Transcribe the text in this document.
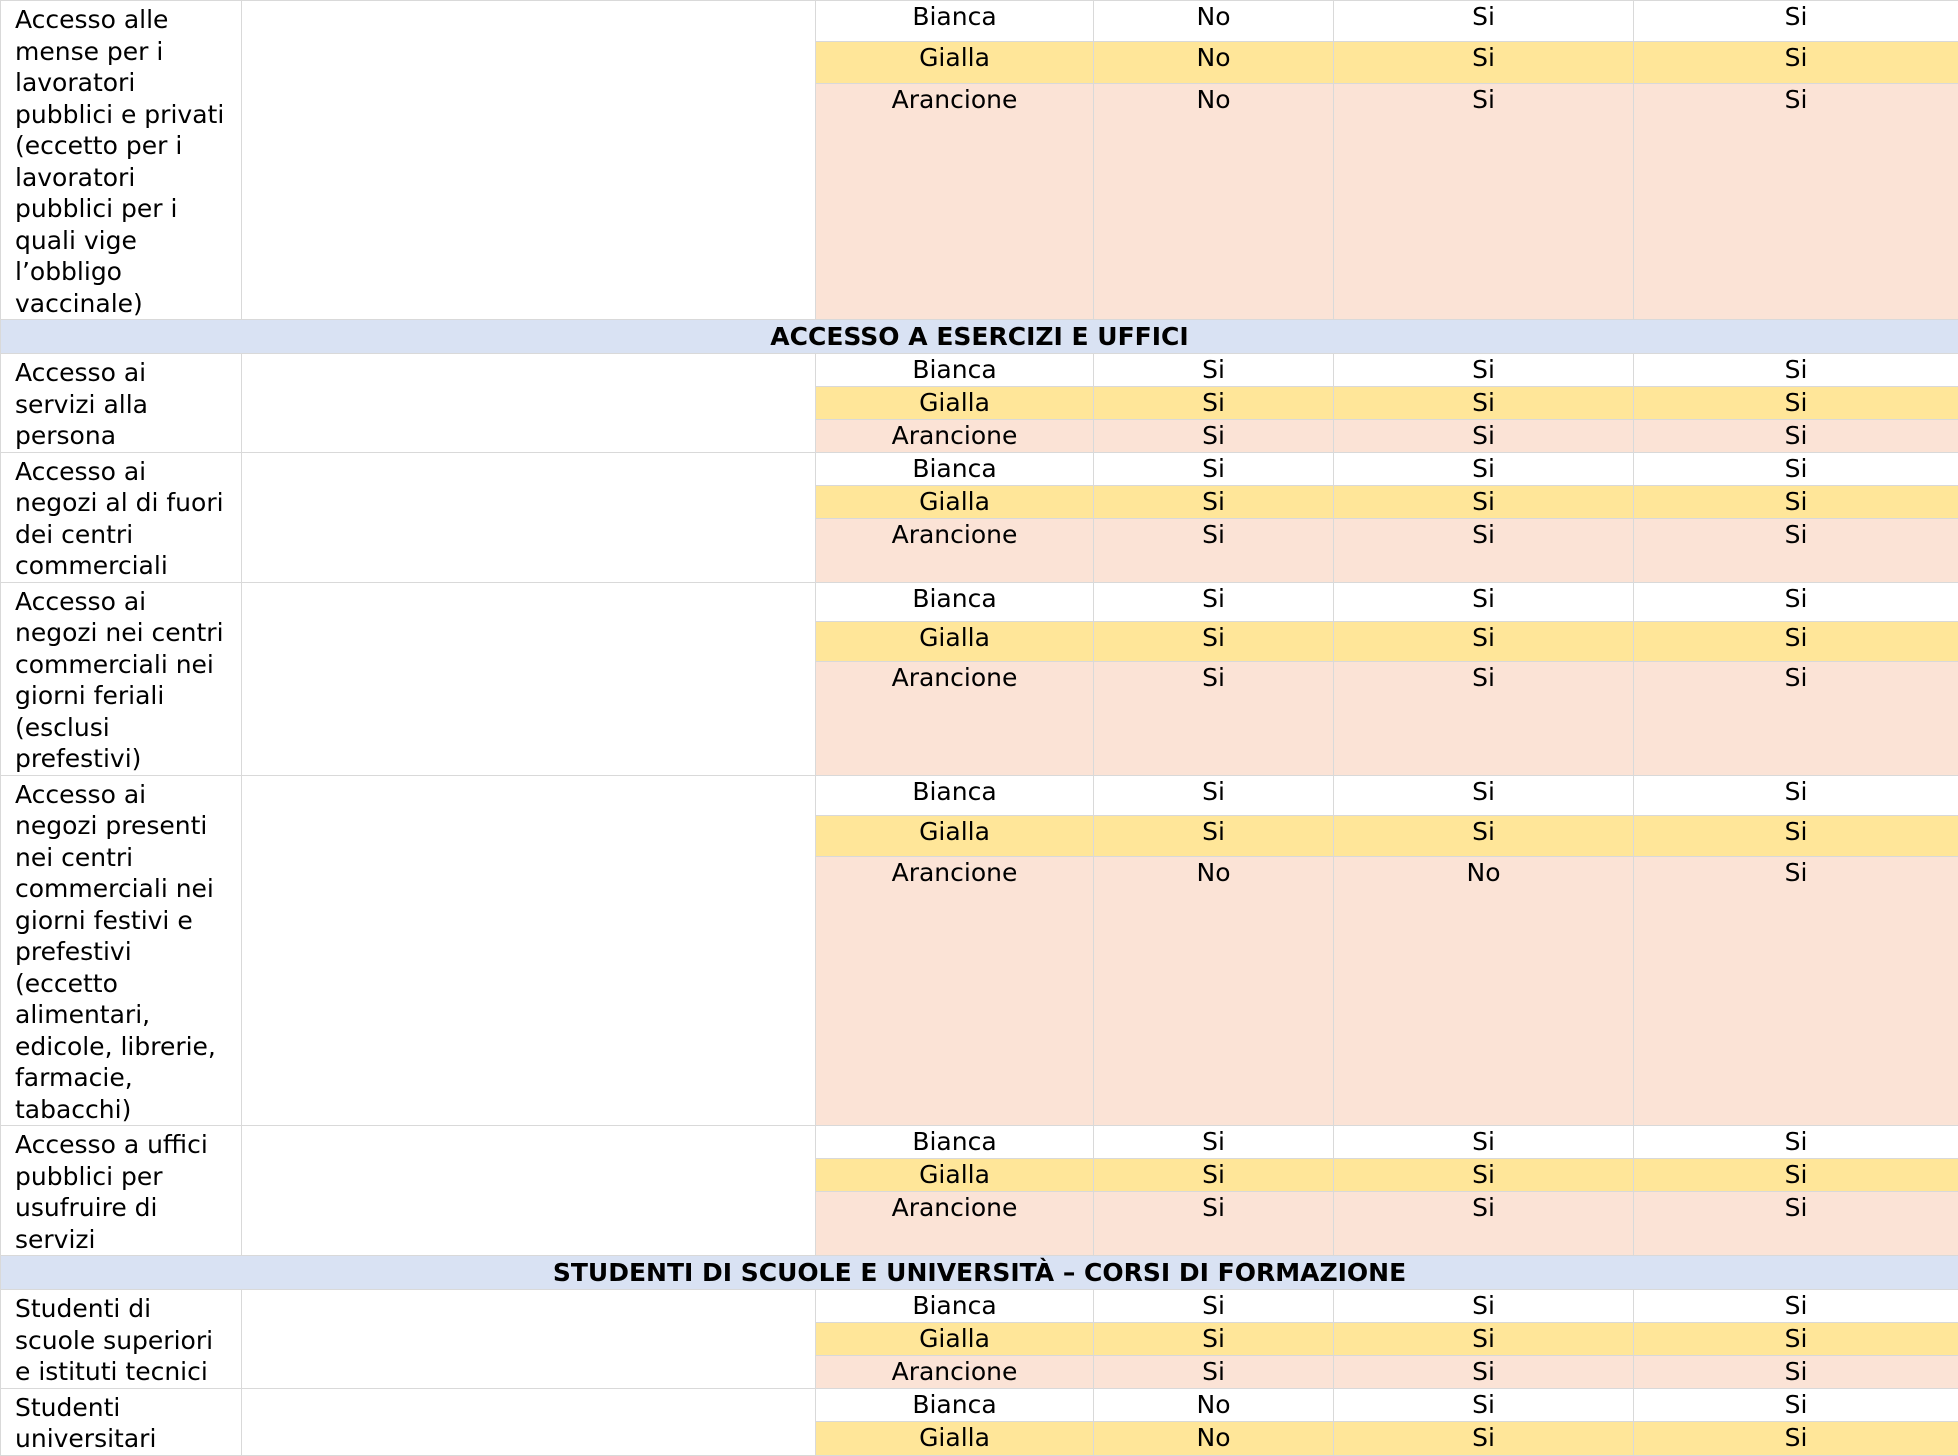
Accesso alle mense per i lavoratori pubblici e privati (eccetto per i lavoratori pubblici per i quali vige l’obbligo vaccinale)		Bianca	No	Si	Si
		Gialla	No	Si	Si
		Arancione	No	Si	Si
ACCESSO A ESERCIZI E UFFICI					
Accesso ai servizi alla persona		Bianca	Si	Si	Si
		Gialla	Si	Si	Si
		Arancione	Si	Si	Si
Accesso ai negozi al di fuori dei centri commerciali		Bianca	Si	Si	Si
		Gialla	Si	Si	Si
		Arancione	Si	Si	Si
Accesso ai negozi nei centri commerciali nei giorni feriali (esclusi prefestivi)		Bianca	Si	Si	Si
		Gialla	Si	Si	Si
		Arancione	Si	Si	Si
Accesso ai negozi presenti nei centri commerciali nei giorni festivi e prefestivi (eccetto alimentari, edicole, librerie, farmacie, tabacchi)		Bianca	Si	Si	Si
		Gialla	Si	Si	Si
		Arancione	No	No	Si
Accesso a uffici pubblici per usufruire di servizi		Bianca	Si	Si	Si
		Gialla	Si	Si	Si
		Arancione	Si	Si	Si
STUDENTI DI SCUOLE E UNIVERSITÀ – CORSI DI FORMAZIONE					
Studenti di scuole superiori e istituti tecnici		Bianca	Si	Si	Si
		Gialla	Si	Si	Si
		Arancione	Si	Si	Si
Studenti universitari		Bianca	No	Si	Si
		Gialla	No	Si	Si
